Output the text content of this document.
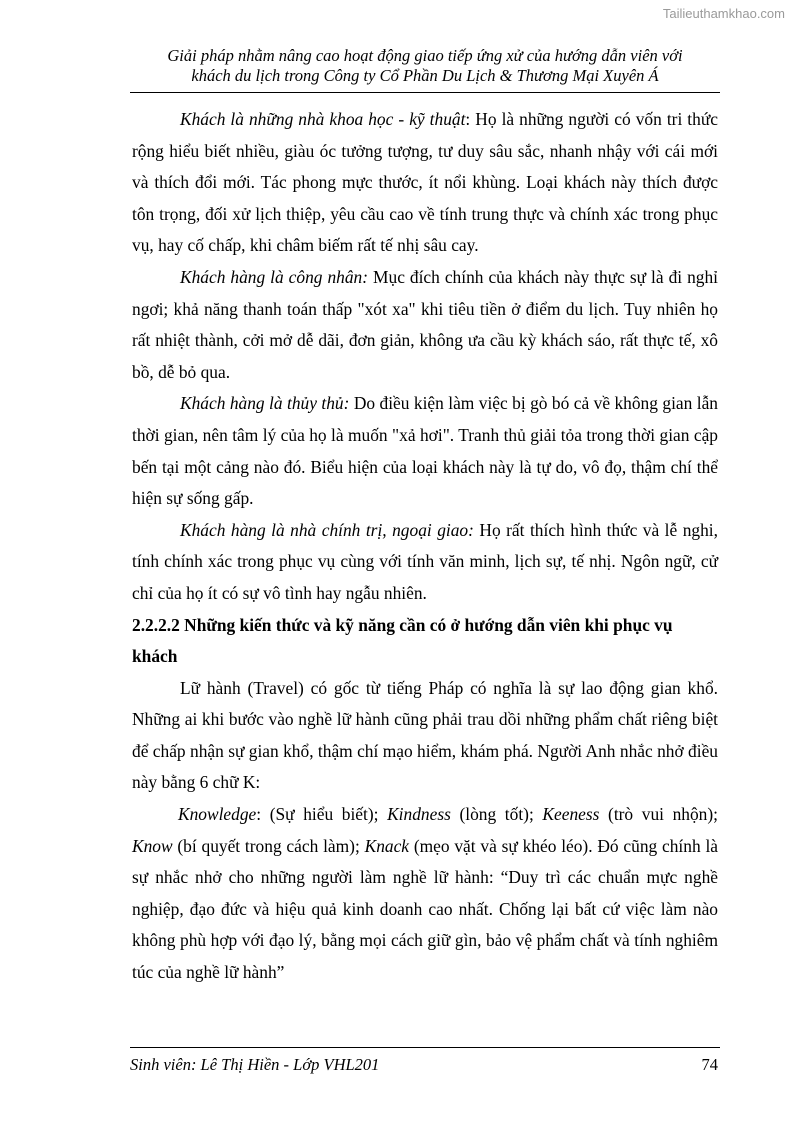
Tailieuthamkhao.com
Giải pháp nhằm nâng cao hoạt động giao tiếp ứng xử của hướng dẫn viên với
khách du lịch trong Công ty Cổ Phần Du Lịch & Thương Mại Xuyên Á

Khách là những nhà khoa học - kỹ thuật: Họ là những người có vốn tri thức rộng hiểu biết nhiều, giàu óc tưởng tượng, tư duy sâu sắc, nhanh nhậy với cái mới và thích đổi mới. Tác phong mực thước, ít nổi khùng. Loại khách này thích được tôn trọng, đối xử lịch thiệp, yêu cầu cao về tính trung thực và chính xác trong phục vụ, hay cố chấp, khi châm biếm rất tế nhị sâu cay.

Khách hàng là công nhân: Mục đích chính của khách này thực sự là đi nghỉ ngơi; khả năng thanh toán thấp "xót xa" khi tiêu tiền ở điểm du lịch. Tuy nhiên họ rất nhiệt thành, cởi mở dễ dãi, đơn giản, không ưa cầu kỳ khách sáo, rất thực tế, xô bồ, dễ bỏ qua.

Khách hàng là thủy thủ: Do điều kiện làm việc bị gò bó cả về không gian lẫn thời gian, nên tâm lý của họ là muốn "xả hơi". Tranh thủ giải tỏa trong thời gian cập bến tại một cảng nào đó. Biểu hiện của loại khách này là tự do, vô đọ, thậm chí thể hiện sự sống gấp.

Khách hàng là nhà chính trị, ngoại giao: Họ rất thích hình thức và lễ nghi, tính chính xác trong phục vụ cùng với tính văn minh, lịch sự, tế nhị. Ngôn ngữ, cử chỉ của họ ít có sự vô tình hay ngẫu nhiên.

2.2.2.2 Những kiến thức và kỹ năng cần có ở hướng dẫn viên khi phục vụ khách

Lữ hành (Travel) có gốc từ tiếng Pháp có nghĩa là sự lao động gian khổ. Những ai khi bước vào nghề lữ hành cũng phải trau dồi những phẩm chất riêng biệt để chấp nhận sự gian khổ, thậm chí mạo hiểm, khám phá. Người Anh nhắc nhở điều này bằng 6 chữ K:

Knowledge: (Sự hiểu biết); Kindness (lòng tốt); Keeness (trò vui nhộn); Know (bí quyết trong cách làm); Knack (mẹo vặt và sự khéo léo). Đó cũng chính là sự nhắc nhở cho những người làm nghề lữ hành: “Duy trì các chuẩn mực nghề nghiệp, đạo đức và hiệu quả kinh doanh cao nhất. Chống lại bất cứ việc làm nào không phù hợp với đạo lý, bằng mọi cách giữ gìn, bảo vệ phẩm chất và tính nghiêm túc của nghề lữ hành”

Sinh viên: Lê Thị Hiền - Lớp VHL201	74
